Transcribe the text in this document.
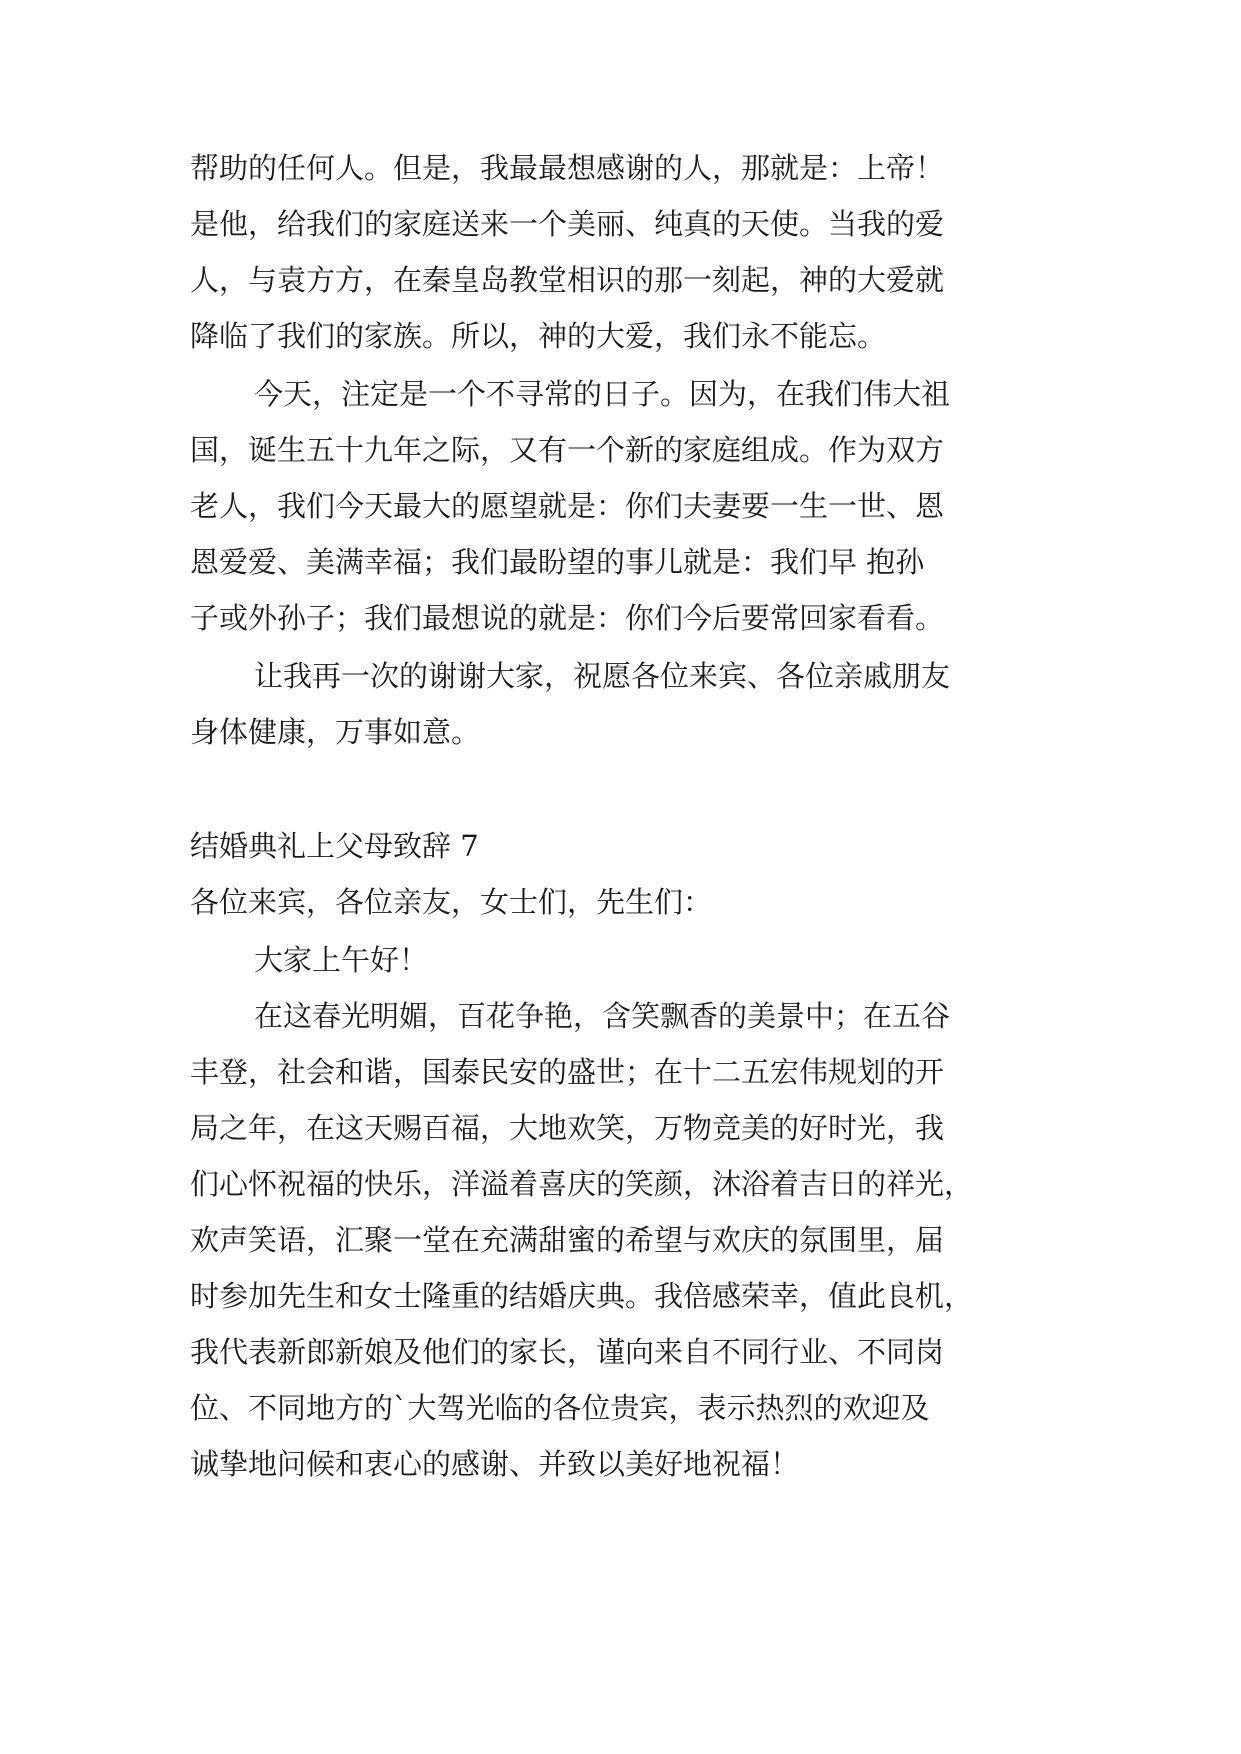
帮助的任何人。但是，我最最想感谢的人，那就是：上帝！
是他，给我们的家庭送来一个美丽、纯真的天使。当我的爱
人，与袁方方，在秦皇岛教堂相识的那一刻起，神的大爱就
降临了我们的家族。所以，神的大爱，我们永不能忘。
今天，注定是一个不寻常的日子。因为，在我们伟大祖
国，诞生五十九年之际，又有一个新的家庭组成。作为双方
老人，我们今天最大的愿望就是：你们夫妻要一生一世、恩
恩爱爱、美满幸福；我们最盼望的事儿就是：我们早 抱孙
子或外孙子；我们最想说的就是：你们今后要常回家看看。
让我再一次的谢谢大家，祝愿各位来宾、各位亲戚朋友
身体健康，万事如意。
结婚典礼上父母致辞 7
各位来宾，各位亲友，女士们，先生们：
大家上午好！
在这春光明媚，百花争艳，含笑飘香的美景中；在五谷
丰登，社会和谐，国泰民安的盛世；在十二五宏伟规划的开
局之年，在这天赐百福，大地欢笑，万物竞美的好时光，我
们心怀祝福的快乐，洋溢着喜庆的笑颜，沐浴着吉日的祥光，
欢声笑语，汇聚一堂在充满甜蜜的希望与欢庆的氛围里，届
时参加先生和女士隆重的结婚庆典。我倍感荣幸，值此良机，
我代表新郎新娘及他们的家长，谨向来自不同行业、不同岗
位、不同地方的`大驾光临的各位贵宾，表示热烈的欢迎及
诚挚地问候和衷心的感谢、并致以美好地祝福！
